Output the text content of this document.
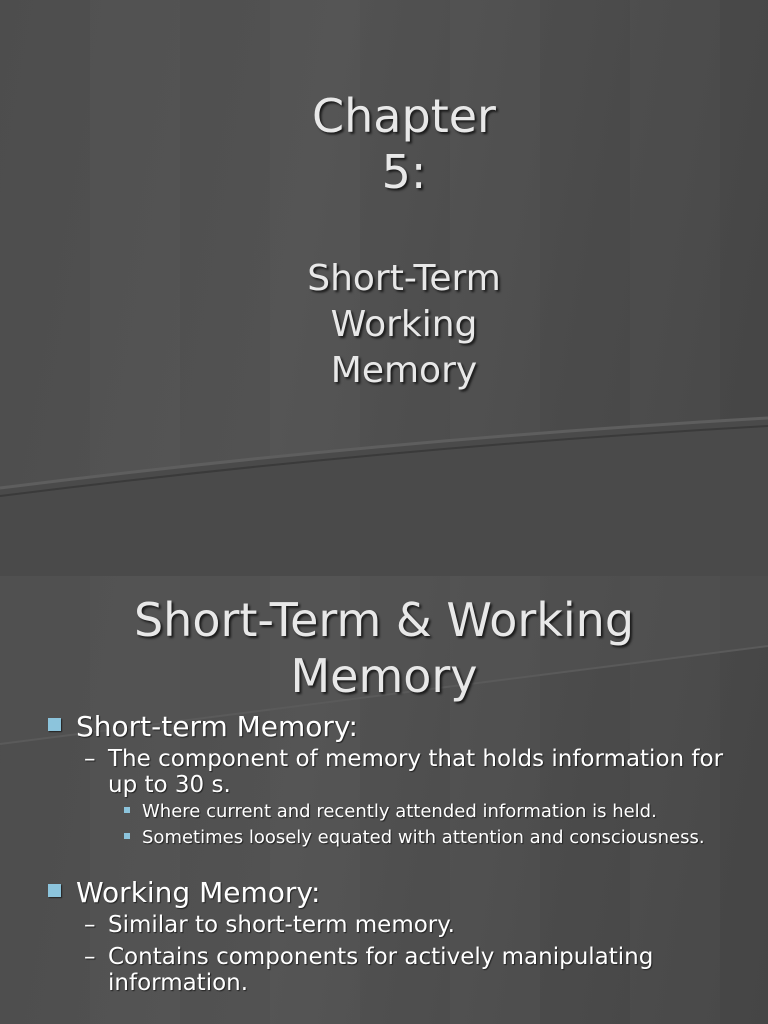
Chapter
5:
Short-Term
Working
Memory
Short-Term & Working
Memory
Short-term Memory:
– The component of memory that holds information for up to 30 s.
Where current and recently attended information is held.
Sometimes loosely equated with attention and consciousness.
Working Memory:
– Similar to short-term memory.
– Contains components for actively manipulating information.
